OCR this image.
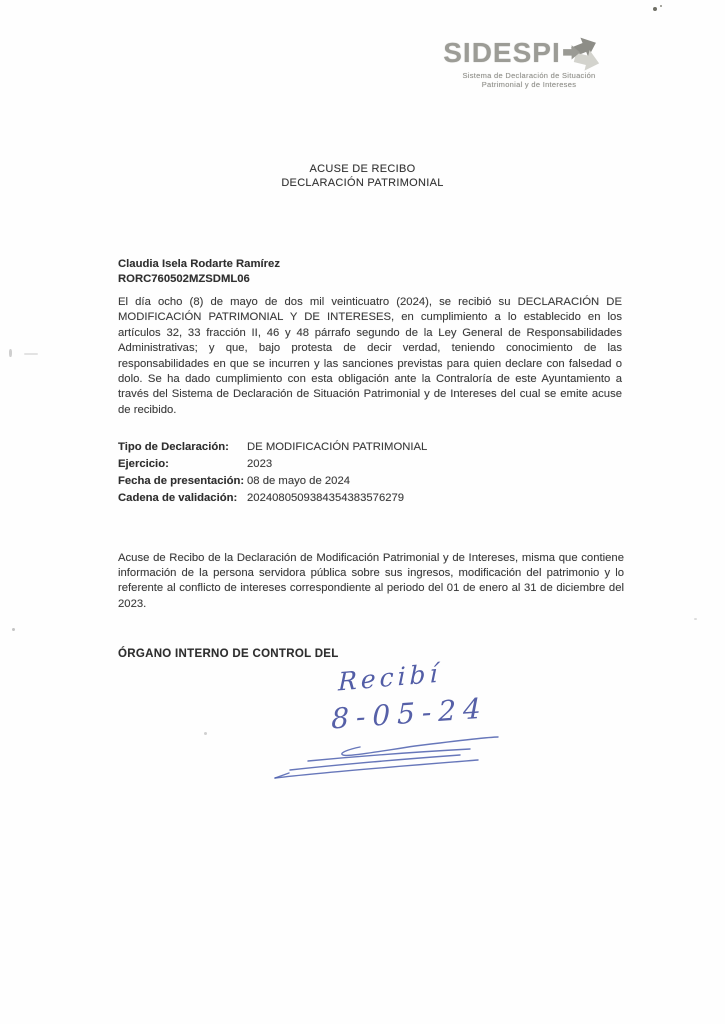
SIDESPI
Sistema de Declaración de Situación
Patrimonial y de Intereses
ACUSE DE RECIBO
DECLARACIÓN PATRIMONIAL
Claudia Isela Rodarte Ramírez
RORC760502MZSDML06

El día ocho (8) de mayo de dos mil veinticuatro (2024), se recibió su DECLARACIÓN DE MODIFICACIÓN PATRIMONIAL Y DE INTERESES, en cumplimiento a lo establecido en los artículos 32, 33 fracción II, 46 y 48 párrafo segundo de la Ley General de Responsabilidades Administrativas; y que, bajo protesta de decir verdad, teniendo conocimiento de las responsabilidades en que se incurren y las sanciones previstas para quien declare con falsedad o dolo. Se ha dado cumplimiento con esta obligación ante la Contraloría de este Ayuntamiento a través del Sistema de Declaración de Situación Patrimonial y de Intereses del cual se emite acuse de recibido.

Tipo de Declaración:	DE MODIFICACIÓN PATRIMONIAL
Ejercicio:	2023
Fecha de presentación: 08 de mayo de 2024
Cadena de validación: 2024080509384354383576279

Acuse de Recibo de la Declaración de Modificación Patrimonial y de Intereses, misma que contiene información de la persona servidora pública sobre sus ingresos, modificación del patrimonio y lo referente al conflicto de intereses correspondiente al periodo del 01 de enero al 31 de diciembre del 2023.

ÓRGANO INTERNO DE CONTROL DEL
Recibí
8-05-24
